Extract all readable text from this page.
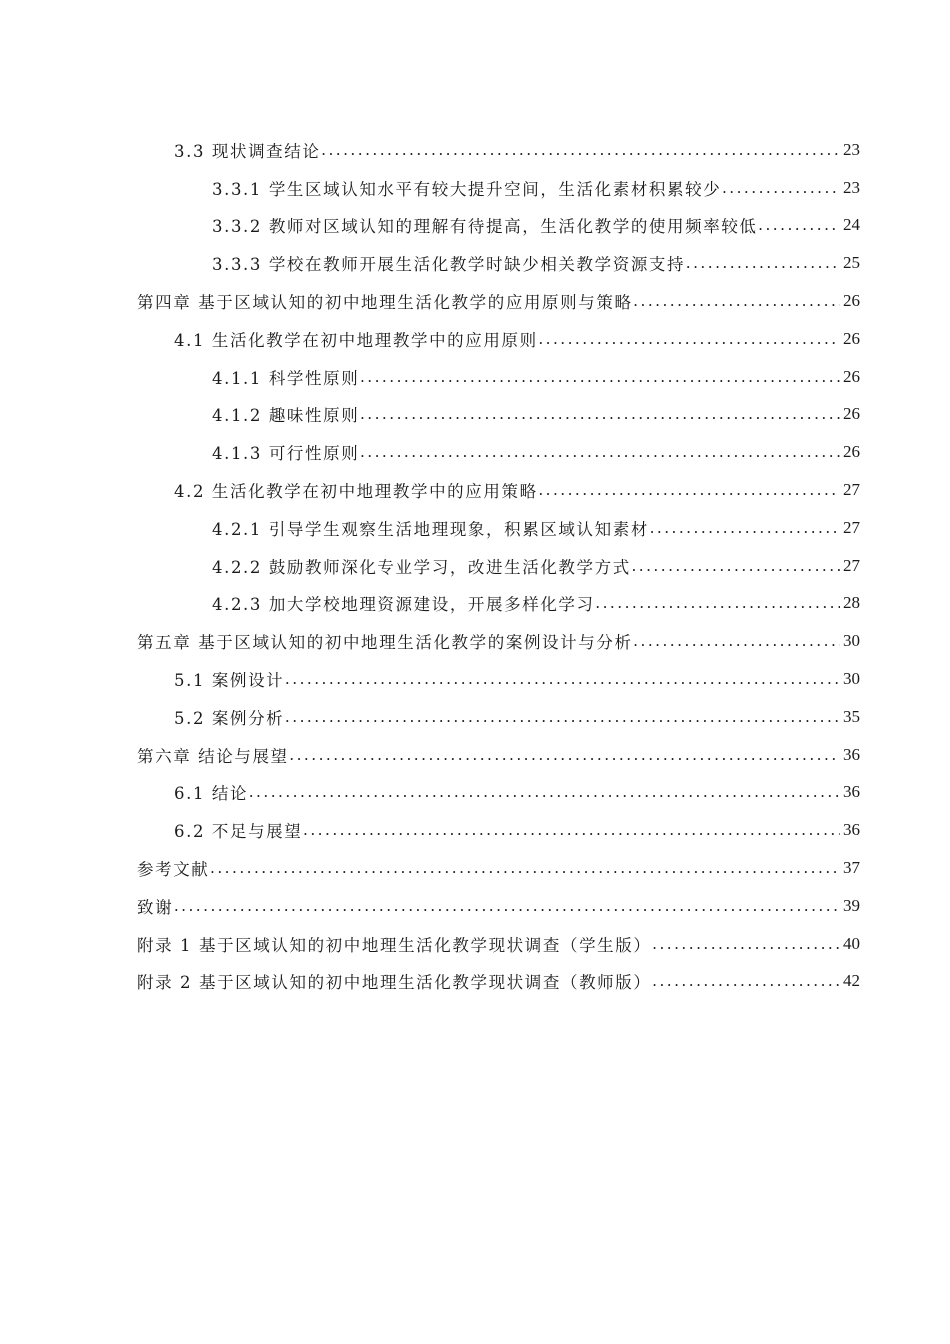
3.3 现状调查结论 .....	23
3.3.1 学生区域认知水平有较大提升空间，生活化素材积累较少 .....	23
3.3.2 教师对区域认知的理解有待提高，生活化教学的使用频率较低 .....	24
3.3.3 学校在教师开展生活化教学时缺少相关教学资源支持 .....	25
第四章 基于区域认知的初中地理生活化教学的应用原则与策略 .....	26
4.1 生活化教学在初中地理教学中的应用原则 .....	26
4.1.1 科学性原则 .....	26
4.1.2 趣味性原则 .....	26
4.1.3 可行性原则 .....	26
4.2 生活化教学在初中地理教学中的应用策略 .....	27
4.2.1 引导学生观察生活地理现象，积累区域认知素材 .....	27
4.2.2 鼓励教师深化专业学习，改进生活化教学方式 .....	27
4.2.3 加大学校地理资源建设，开展多样化学习 .....	28
第五章 基于区域认知的初中地理生活化教学的案例设计与分析 .....	30
5.1 案例设计 .....	30
5.2 案例分析 .....	35
第六章 结论与展望 .....	36
6.1 结论 .....	36
6.2 不足与展望 .....	36
参考文献 .....	37
致谢 .....	39
附录 1 基于区域认知的初中地理生活化教学现状调查（学生版） .....	40
附录 2 基于区域认知的初中地理生活化教学现状调查（教师版） .....	42
